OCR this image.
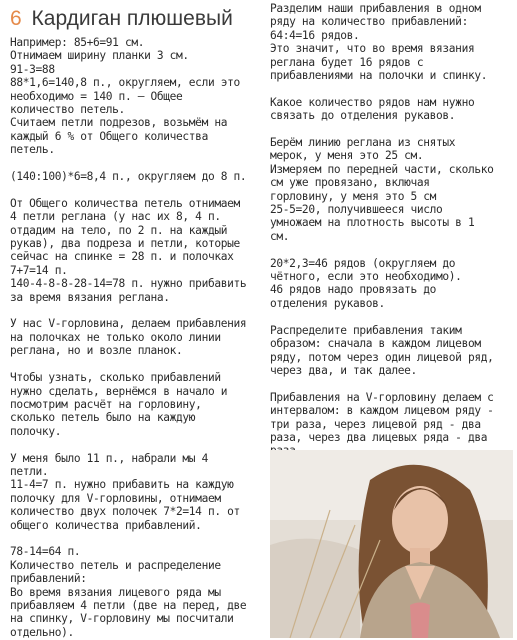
6 Кардиган плюшевый

Например: 85+6=91 см.

Отнимаем ширину планки 3 см.

91-3=88

88*1,6=140,8 п., округляем, если это

необходимо = 140 п. – Общее

количество петель.

Считаем петли подрезов, возьмём на

каждый 6 % от Общего количества

петель.

(140:100)*6=8,4 п., округляем до 8 п.

От Общего количества петель отнимаем

4 петли реглана (у нас их 8, 4 п.

отдадим на тело, по 2 п. на каждый

рукав), два подреза и петли, которые

сейчас на спинке = 28 п. и полочках

7+7=14 п.

140-4-8-8-28-14=78 п. нужно прибавить

за время вязания реглана.

У нас V-горловина, делаем прибавления

на полочках не только около линии

реглана, но и возле планок.

Чтобы узнать, сколько прибавлений

нужно сделать, вернёмся в начало и

посмотрим расчёт на горловину,

сколько петель было на каждую

полочку.

У меня было 11 п., набрали мы 4

петли.

11-4=7 п. нужно прибавить на каждую

полочку для V-горловины, отнимаем

количество двух полочек 7*2=14 п. от

общего количества прибавлений.

78-14=64 п.

Количество петель и распределение

прибавлений:

Во время вязания лицевого ряда мы

прибавляем 4 петли (две на перед, две

на спинку, V-горловину мы посчитали

отдельно).

Разделим наши прибавления в одном

ряду на количество прибавлений:

64:4=16 рядов.

Это значит, что во время вязания

реглана будет 16 рядов с

прибавлениями на полочки и спинку.

Какое количество рядов нам нужно

связать до отделения рукавов.

Берём линию реглана из снятых

мерок, у меня это 25 см.

Измеряем по передней части, сколько

см уже провязано, включая

горловину, у меня это 5 см

25-5=20, получившееся число

умножаем на плотность высоты в 1

см.

20*2,3=46 рядов (округляем до

чётного, если это необходимо).

46 рядов надо провязать до

отделения рукавов.

Распределите прибавления таким

образом: сначала в каждом лицевом

ряду, потом через один лицевой ряд,

через два, и так далее.

Прибавления на V-горловину делаем с

интервалом: в каждом лицевом ряду -

три раза, через лицевой ряд - два

раза, через два лицевых ряда - два
